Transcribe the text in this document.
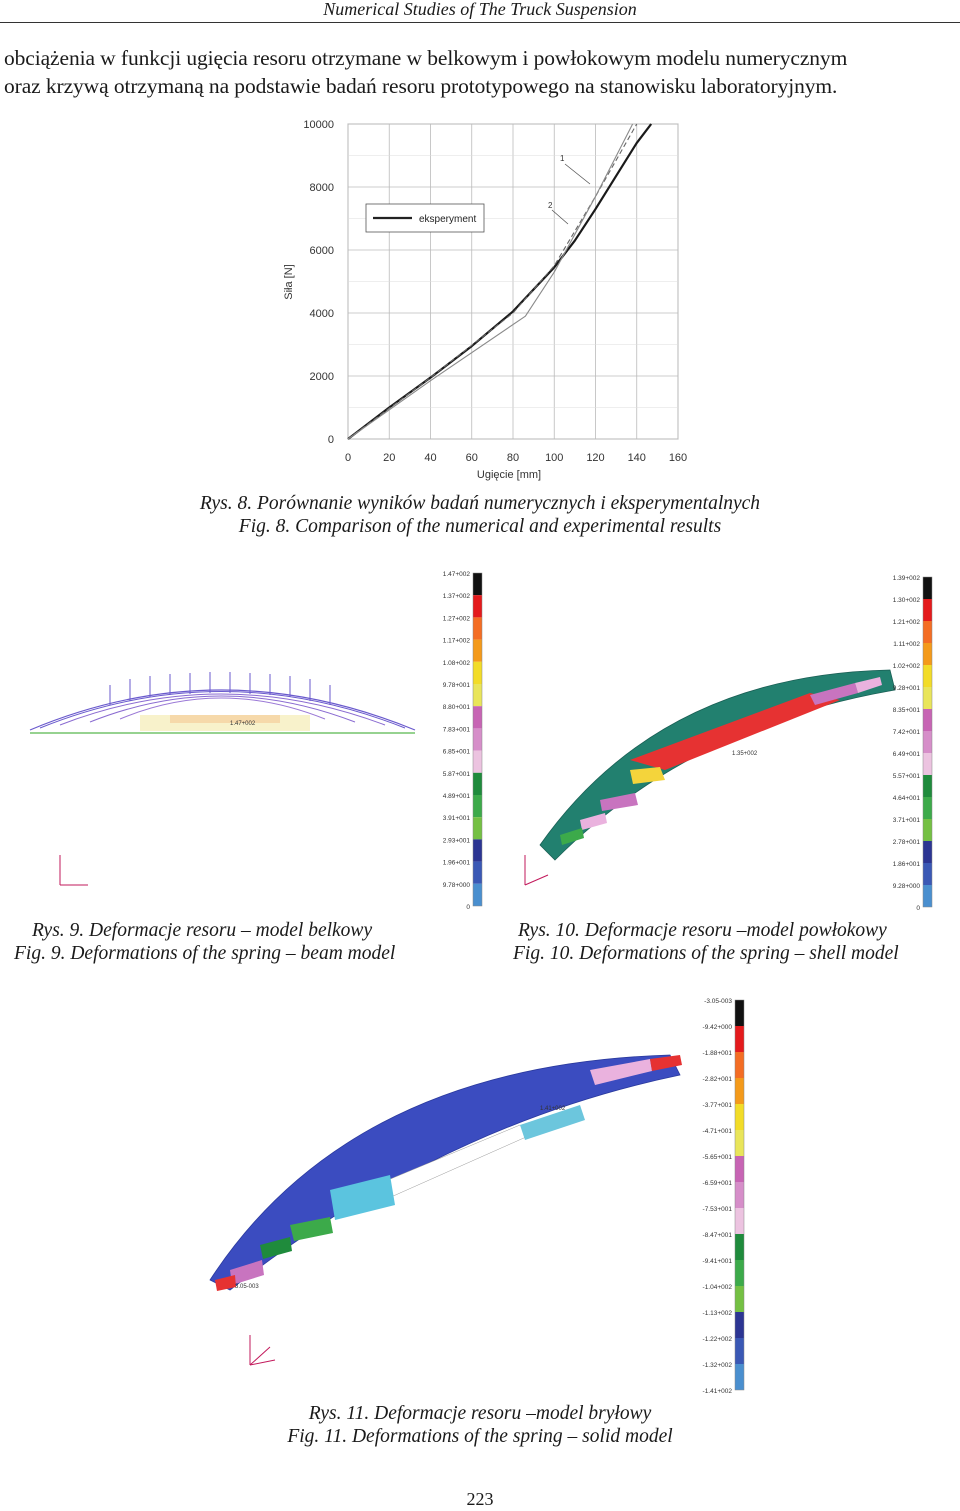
Numerical Studies of The Truck Suspension
obciążenia w funkcji ugięcia resoru otrzymane w belkowym i powłokowym modelu numerycznym
oraz krzywą otrzymaną na podstawie badań resoru prototypowego na stanowisku laboratoryjnym.
0
2000
4000
6000
8000
10000
0	20	40	60	80 100 120 140 160
Siła [N]
Ugięcie [mm]
eksperyment
1
2
Rys. 8. Porównanie wyników badań numerycznych i eksperymentalnych
Fig. 8. Comparison of the numerical and experimental results
1.47+002
1.47+002
1.37+002
1.27+002
1.17+002
1.08+002
9.78+001
8.80+001
7.83+001
6.85+001
5.87+001
4.89+001
3.91+001
2.93+001
1.96+001
9.78+000
0
1.35+002
1.39+002
1.30+002
1.21+002
1.11+002
1.02+002
9.28+001
8.35+001
7.42+001
6.49+001
5.57+001
4.64+001
3.71+001
2.78+001
1.86+001
9.28+000
0
Rys. 9. Deformacje resoru – model belkowy
Fig. 9. Deformations of the spring – beam model
Rys. 10. Deformacje resoru –model powłokowy
Fig. 10. Deformations of the spring – shell model
1.41+002
3.05-003
-3.05-003
-9.42+000
-1.88+001
-2.82+001
-3.77+001
-4.71+001
-5.65+001
-6.59+001
-7.53+001
-8.47+001
-9.41+001
-1.04+002
-1.13+002
-1.22+002
-1.32+002
-1.41+002
Rys. 11. Deformacje resoru –model bryłowy
Fig. 11. Deformations of the spring – solid model
223
